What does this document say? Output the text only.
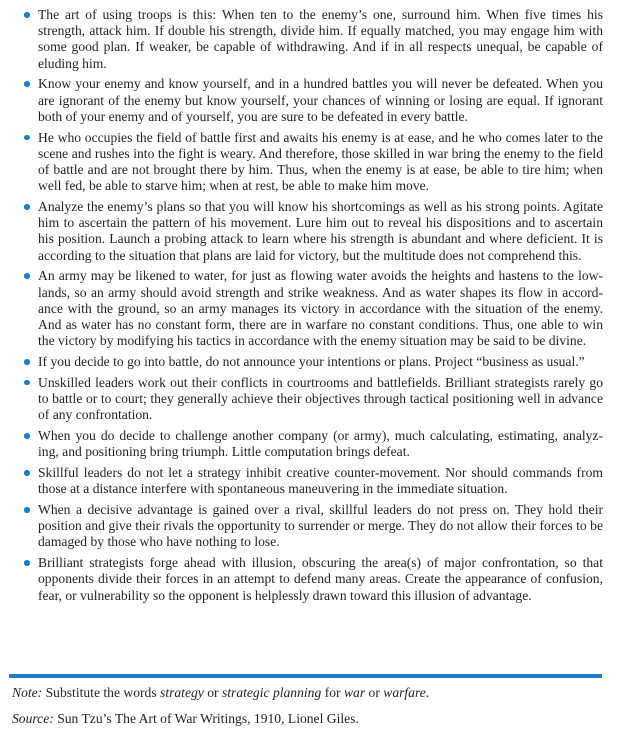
The art of using troops is this: When ten to the enemy’s one, surround him. When five times his strength, attack him. If double his strength, divide him. If equally matched, you may engage him with some good plan. If weaker, be capable of withdrawing. And if in all respects unequal, be capable of eluding him.
Know your enemy and know yourself, and in a hundred battles you will never be defeated. When you are ignorant of the enemy but know yourself, your chances of winning or losing are equal. If ignorant both of your enemy and of yourself, you are sure to be defeated in every battle.
He who occupies the field of battle first and awaits his enemy is at ease, and he who comes later to the scene and rushes into the fight is weary. And therefore, those skilled in war bring the enemy to the field of battle and are not brought there by him. Thus, when the enemy is at ease, be able to tire him; when well fed, be able to starve him; when at rest, be able to make him move.
Analyze the enemy’s plans so that you will know his shortcomings as well as his strong points. Agitate him to ascertain the pattern of his movement. Lure him out to reveal his dispositions and to ascertain his position. Launch a probing attack to learn where his strength is abundant and where deficient. It is according to the situation that plans are laid for victory, but the multitude does not comprehend this.
An army may be likened to water, for just as flowing water avoids the heights and hastens to the low-lands, so an army should avoid strength and strike weakness. And as water shapes its flow in accord-ance with the ground, so an army manages its victory in accordance with the situation of the enemy. And as water has no constant form, there are in warfare no constant conditions. Thus, one able to win the victory by modifying his tactics in accordance with the enemy situation may be said to be divine.
If you decide to go into battle, do not announce your intentions or plans. Project “business as usual.”
Unskilled leaders work out their conflicts in courtrooms and battlefields. Brilliant strategists rarely go to battle or to court; they generally achieve their objectives through tactical positioning well in advance of any confrontation.
When you do decide to challenge another company (or army), much calculating, estimating, analyz-ing, and positioning bring triumph. Little computation brings defeat.
Skillful leaders do not let a strategy inhibit creative counter-movement. Nor should commands from those at a distance interfere with spontaneous maneuvering in the immediate situation.
When a decisive advantage is gained over a rival, skillful leaders do not press on. They hold their position and give their rivals the opportunity to surrender or merge. They do not allow their forces to be damaged by those who have nothing to lose.
Brilliant strategists forge ahead with illusion, obscuring the area(s) of major confrontation, so that opponents divide their forces in an attempt to defend many areas. Create the appearance of confusion, fear, or vulnerability so the opponent is helplessly drawn toward this illusion of advantage.
Note: Substitute the words strategy or strategic planning for war or warfare.
Source: Sun Tzu’s The Art of War Writings, 1910, Lionel Giles.
